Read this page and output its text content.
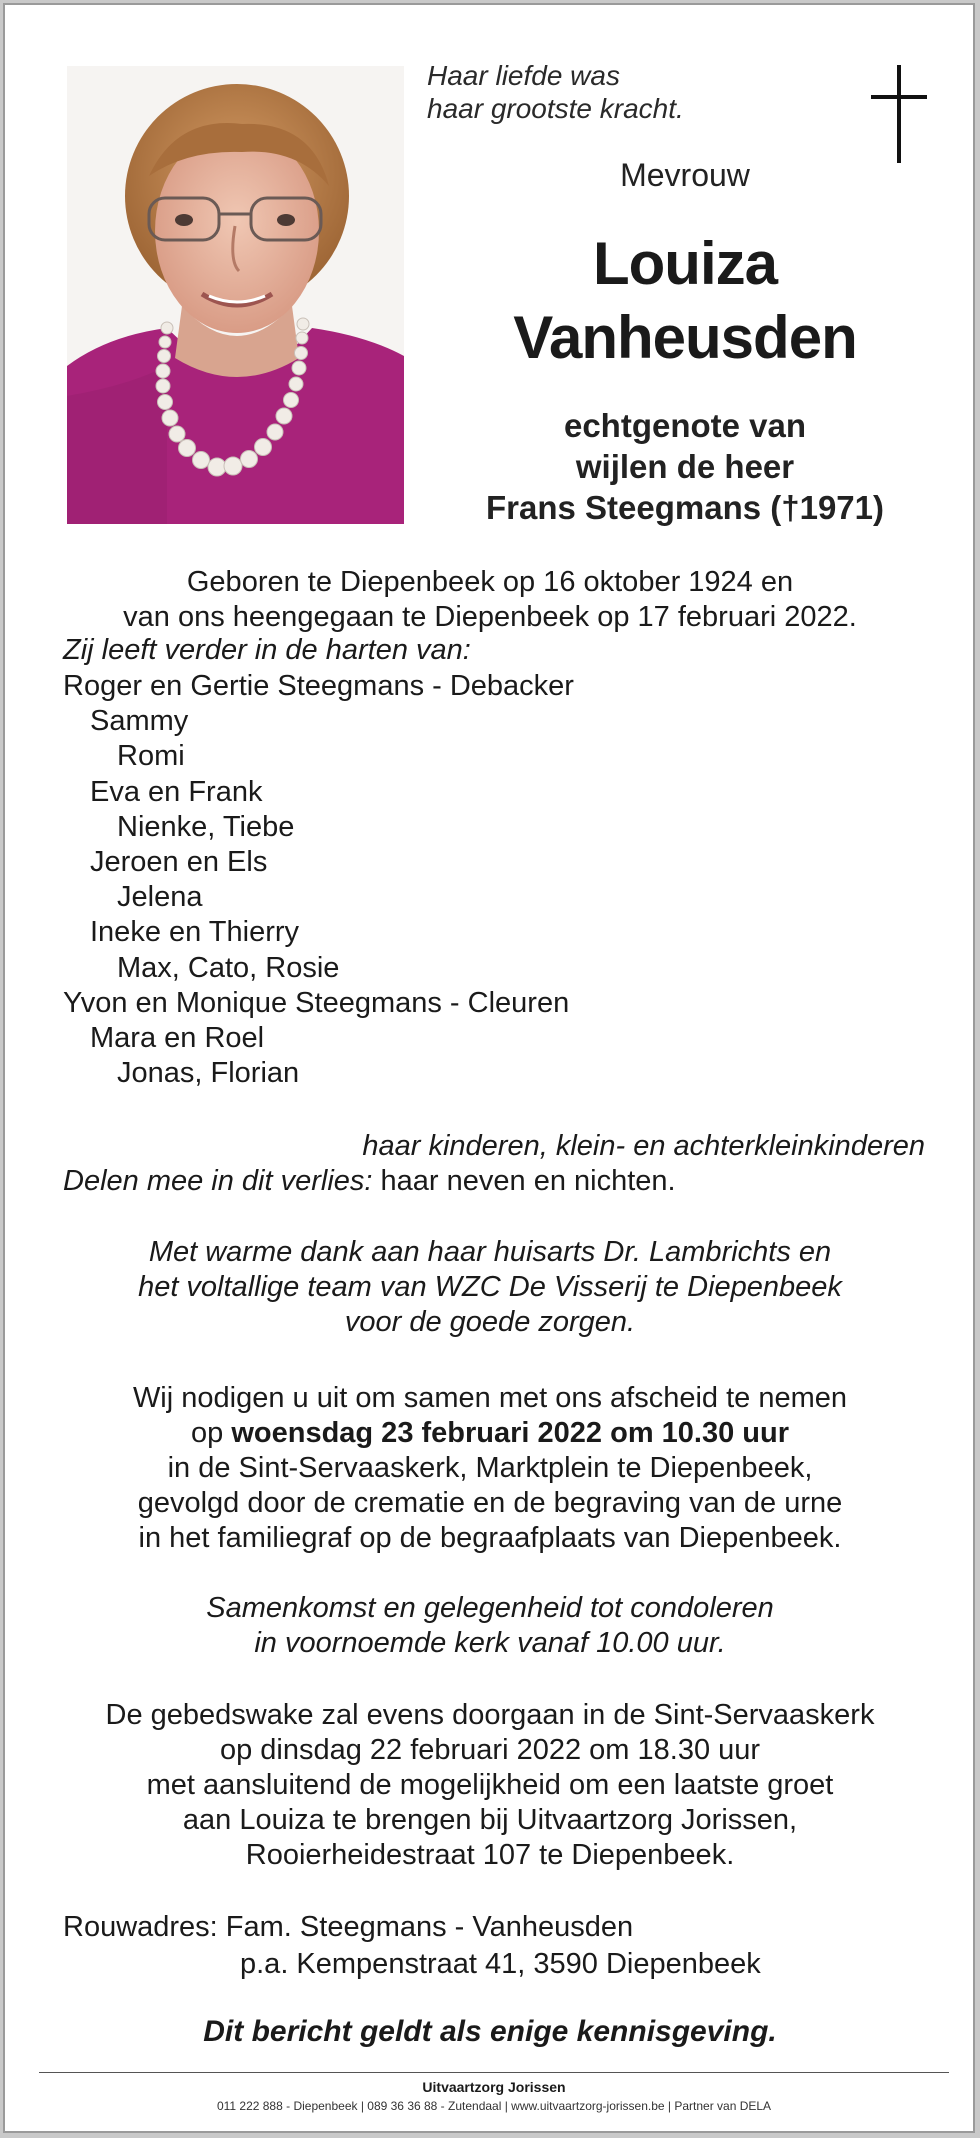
Haar liefde was
haar grootste kracht.
Mevrouw
Louiza
Vanheusden
echtgenote van
wijlen de heer
Frans Steegmans (†1971)
Geboren te Diepenbeek op 16 oktober 1924 en
van ons heengegaan te Diepenbeek op 17 februari 2022.
Zij leeft verder in de harten van:
Roger en Gertie Steegmans - Debacker
Sammy
Romi
Eva en Frank
Nienke, Tiebe
Jeroen en Els
Jelena
Ineke en Thierry
Max, Cato, Rosie
Yvon en Monique Steegmans - Cleuren
Mara en Roel
Jonas, Florian
haar kinderen, klein- en achterkleinkinderen
Delen mee in dit verlies: haar neven en nichten.
Met warme dank aan haar huisarts Dr. Lambrichts en
het voltallige team van WZC De Visserij te Diepenbeek
voor de goede zorgen.
Wij nodigen u uit om samen met ons afscheid te nemen
op woensdag 23 februari 2022 om 10.30 uur
in de Sint-Servaaskerk, Marktplein te Diepenbeek,
gevolgd door de crematie en de begraving van de urne
in het familiegraf op de begraafplaats van Diepenbeek.
Samenkomst en gelegenheid tot condoleren
in voornoemde kerk vanaf 10.00 uur.
De gebedswake zal evens doorgaan in de Sint-Servaaskerk
op dinsdag 22 februari 2022 om 18.30 uur
met aansluitend de mogelijkheid om een laatste groet
aan Louiza te brengen bij Uitvaartzorg Jorissen,
Rooierheidestraat 107 te Diepenbeek.
Rouwadres: Fam. Steegmans - Vanheusden
p.a. Kempenstraat 41, 3590 Diepenbeek
Dit bericht geldt als enige kennisgeving.
Uitvaartzorg Jorissen
011 222 888 - Diepenbeek | 089 36 36 88 - Zutendaal | www.uitvaartzorg-jorissen.be | Partner van DELA
